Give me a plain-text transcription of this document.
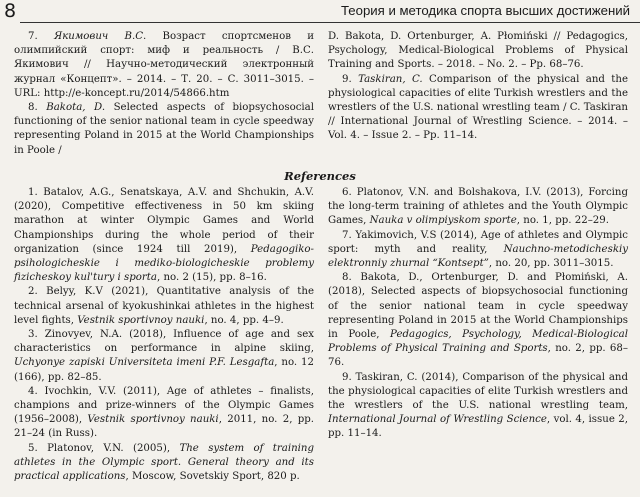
8	Теория и методика спорта высших достижений

7. Якимович В.С. Возраст спортсменов и олимпийский спорт: миф и реальность / В.С. Якимович // Научно-методический электронный журнал «Концепт». – 2014. – Т. 20. – С. 3011–3015. – URL: http://e-koncept.ru/2014/54866.htm

8. Bakota, D. Selected aspects of biopsychosocial functioning of the senior national team in cycle speedway representing Poland in 2015 at the World Championships in Poole /

D. Bakota, D. Ortenburger, A. Płomiński // Pedagogics, Psychology, Medical-Biological Problems of Physical Training and Sports. – 2018. – No. 2. – Pp. 68–76.

9. Taskiran, C. Comparison of the physical and the physiological capacities of elite Turkish wrestlers and the wrestlers of the U.S. national wrestling team / C. Taskiran // International Journal of Wrestling Science. – 2014. – Vol. 4. – Issue 2. – Pp. 11–14.

References

1. Batalov, A.G., Senatskaya, A.V. and Shchukin, A.V. (2020), Competitive effectiveness in 50 km skiing marathon at winter Olympic Games and World Championships during the whole period of their organization (since 1924 till 2019), Pedagogiko-psihologicheskie i mediko-biologicheskie problemy fizicheskoy kul'tury i sporta, no. 2 (15), pp. 8–16.

2. Belyy, K.V (2021), Quantitative analysis of the technical arsenal of kyokushinkai athletes in the highest level fights, Vestnik sportivnoy nauki, no. 4, pp. 4–9.

3. Zinovyev, N.A. (2018), Influence of age and sex characteristics on performance in alpine skiing, Uchyonye zapiski Universiteta imeni P.F. Lesgafta, no. 12 (166), pp. 82–85.

4. Ivochkin, V.V. (2011), Age of athletes – finalists, champions and prize-winners of the Olympic Games (1956–2008), Vestnik sportivnoy nauki, 2011, no. 2, pp. 21–24 (in Russ).

5. Platonov, V.N. (2005), The system of training athletes in the Olympic sport. General theory and its practical applications, Moscow, Sovetskiy Sport, 820 p.

6. Platonov, V.N. and Bolshakova, I.V. (2013), Forcing the long-term training of athletes and the Youth Olympic Games, Nauka v olimpiyskom sporte, no. 1, pp. 22–29.

7. Yakimovich, V.S (2014), Age of athletes and Olympic sport: myth and reality, Nauchno-metodicheskiy elektronniy zhurnal “Kontsept”, no. 20, pp. 3011–3015.

8. Bakota, D., Ortenburger, D. and Płomiński, A. (2018), Selected aspects of biopsychosocial functioning of the senior national team in cycle speedway representing Poland in 2015 at the World Championships in Poole, Pedagogics, Psychology, Medical-Biological Problems of Physical Training and Sports, no. 2, pp. 68–76.

9. Taskiran, C. (2014), Comparison of the physical and the physiological capacities of elite Turkish wrestlers and the wrestlers of the U.S. national wrestling team, International Journal of Wrestling Science, vol. 4, issue 2, pp. 11–14.
